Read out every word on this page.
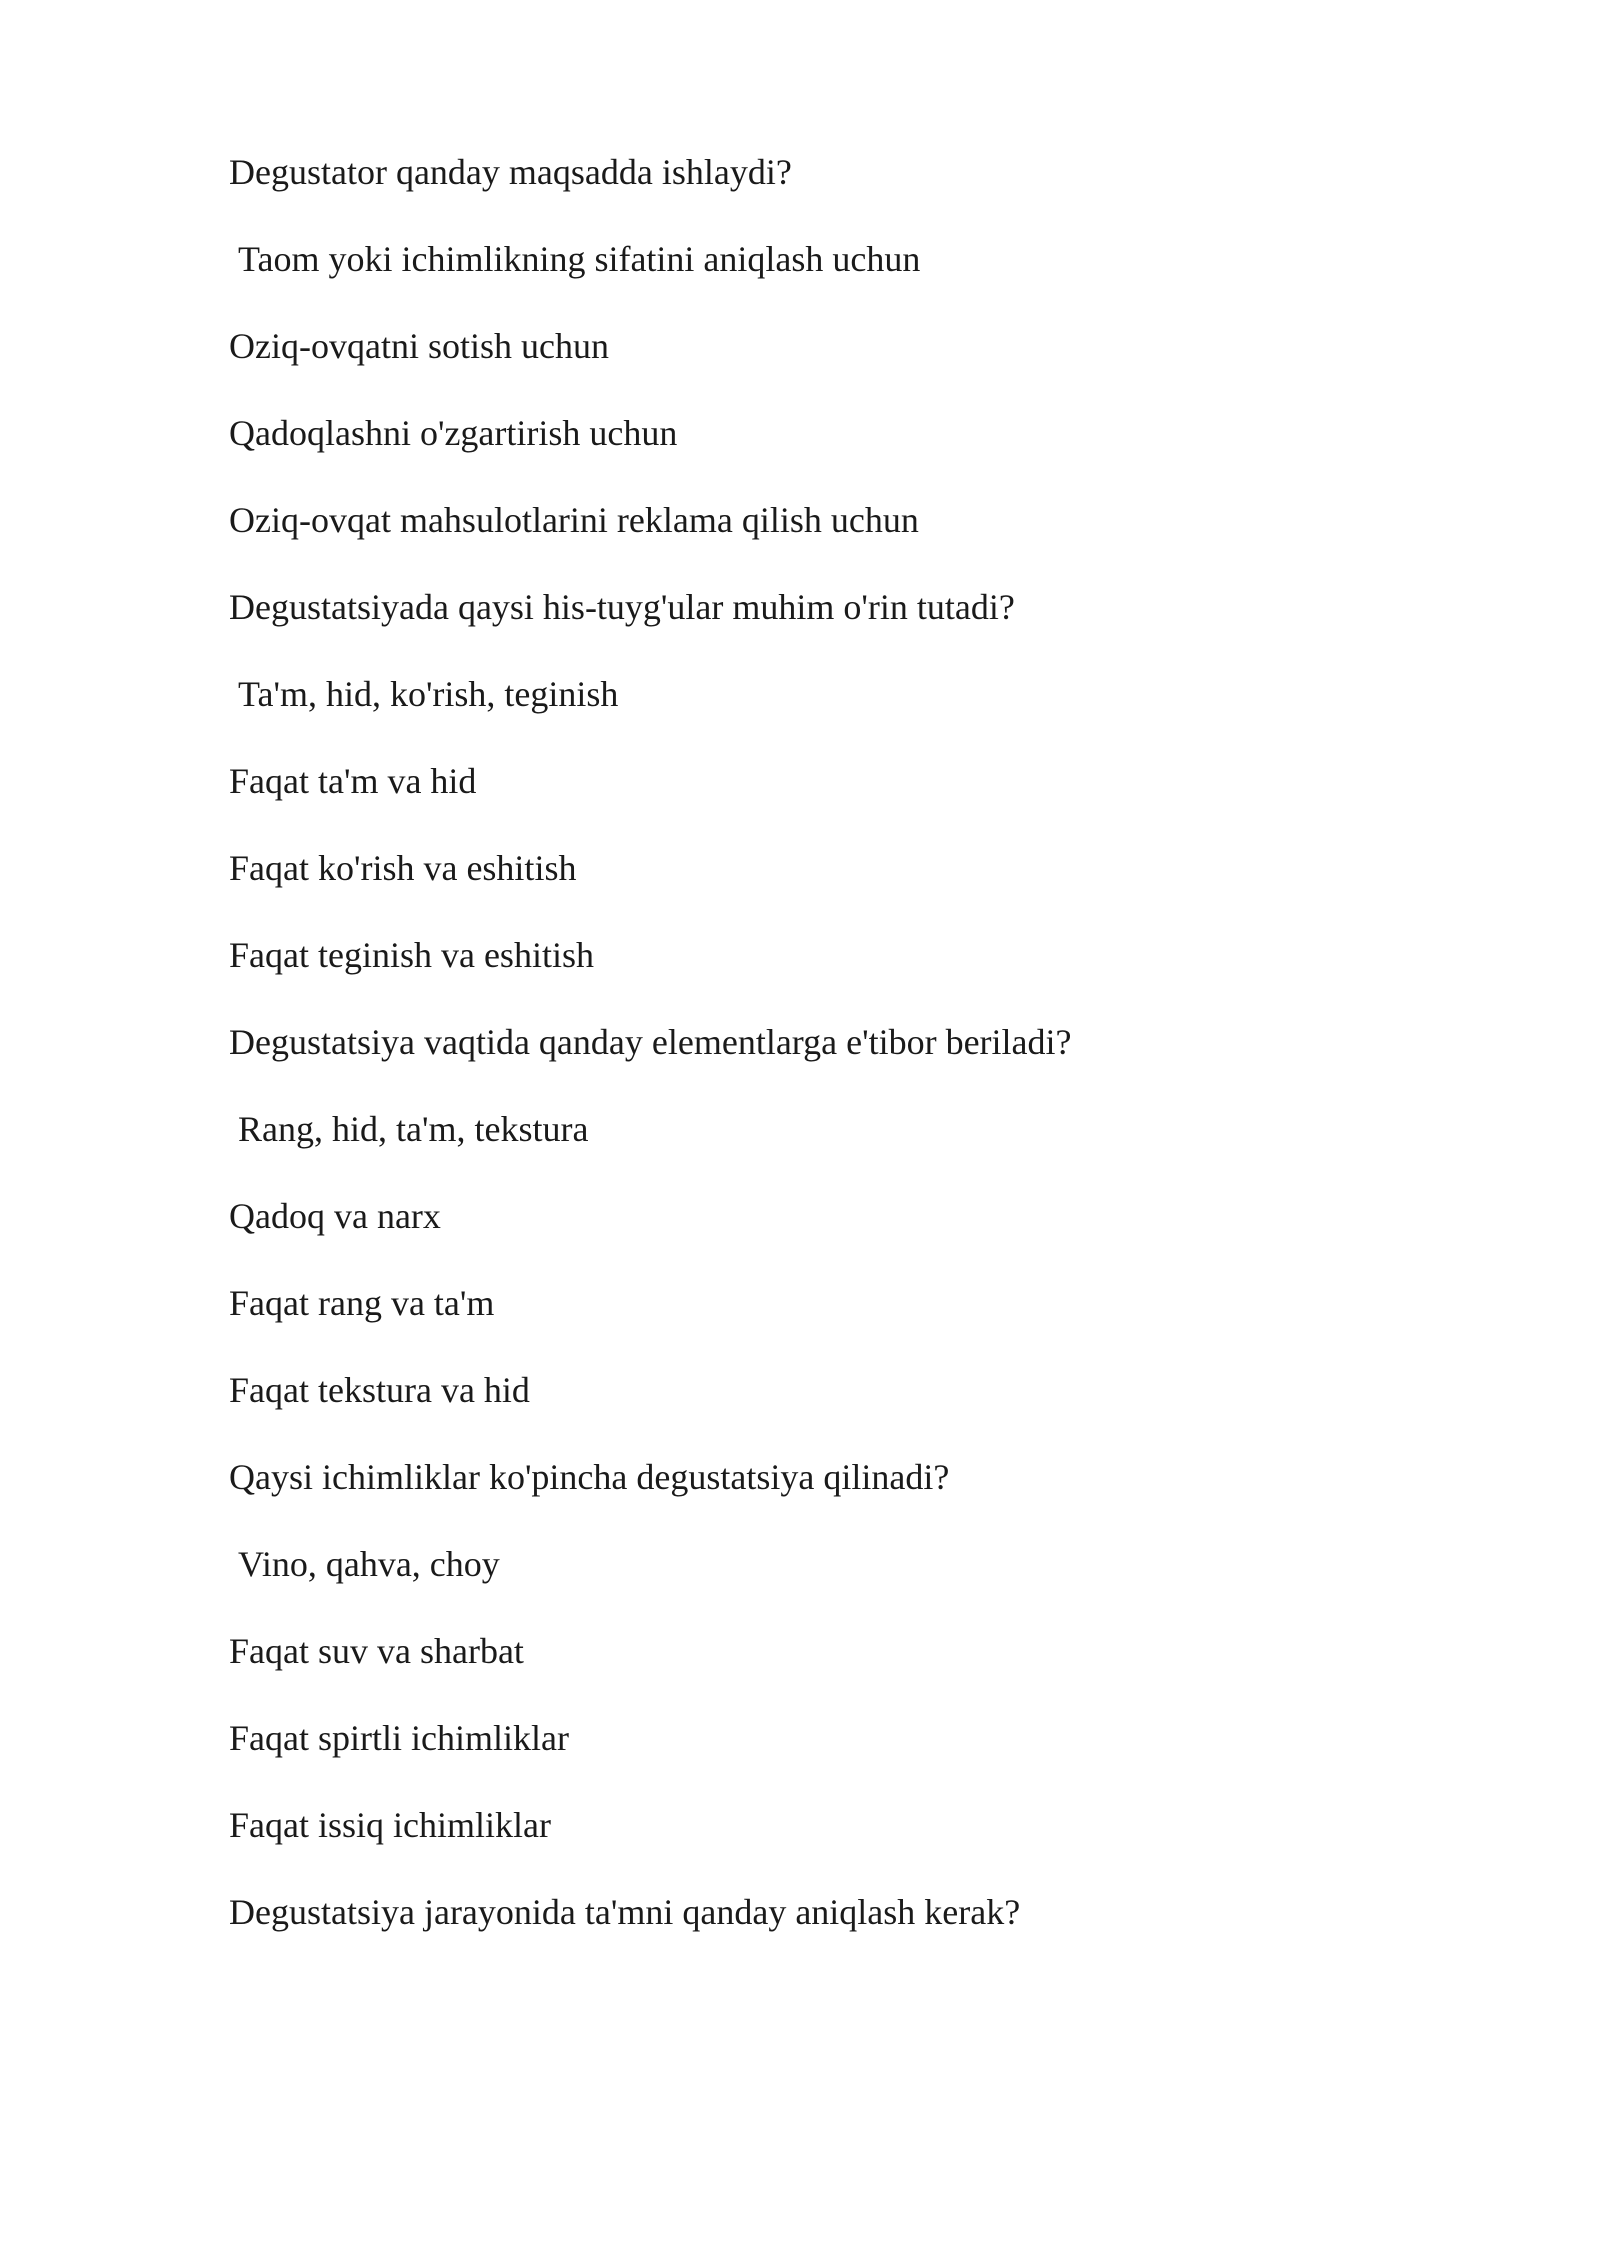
Degustator qanday maqsadda ishlaydi?
Taom yoki ichimlikning sifatini aniqlash uchun
Oziq-ovqatni sotish uchun
Qadoqlashni o'zgartirish uchun
Oziq-ovqat mahsulotlarini reklama qilish uchun
Degustatsiyada qaysi his-tuyg'ular muhim o'rin tutadi?
Ta'm, hid, ko'rish, teginish
Faqat ta'm va hid
Faqat ko'rish va eshitish
Faqat teginish va eshitish
Degustatsiya vaqtida qanday elementlarga e'tibor beriladi?
Rang, hid, ta'm, tekstura
Qadoq va narx
Faqat rang va ta'm
Faqat tekstura va hid
Qaysi ichimliklar ko'pincha degustatsiya qilinadi?
Vino, qahva, choy
Faqat suv va sharbat
Faqat spirtli ichimliklar
Faqat issiq ichimliklar
Degustatsiya jarayonida ta'mni qanday aniqlash kerak?
